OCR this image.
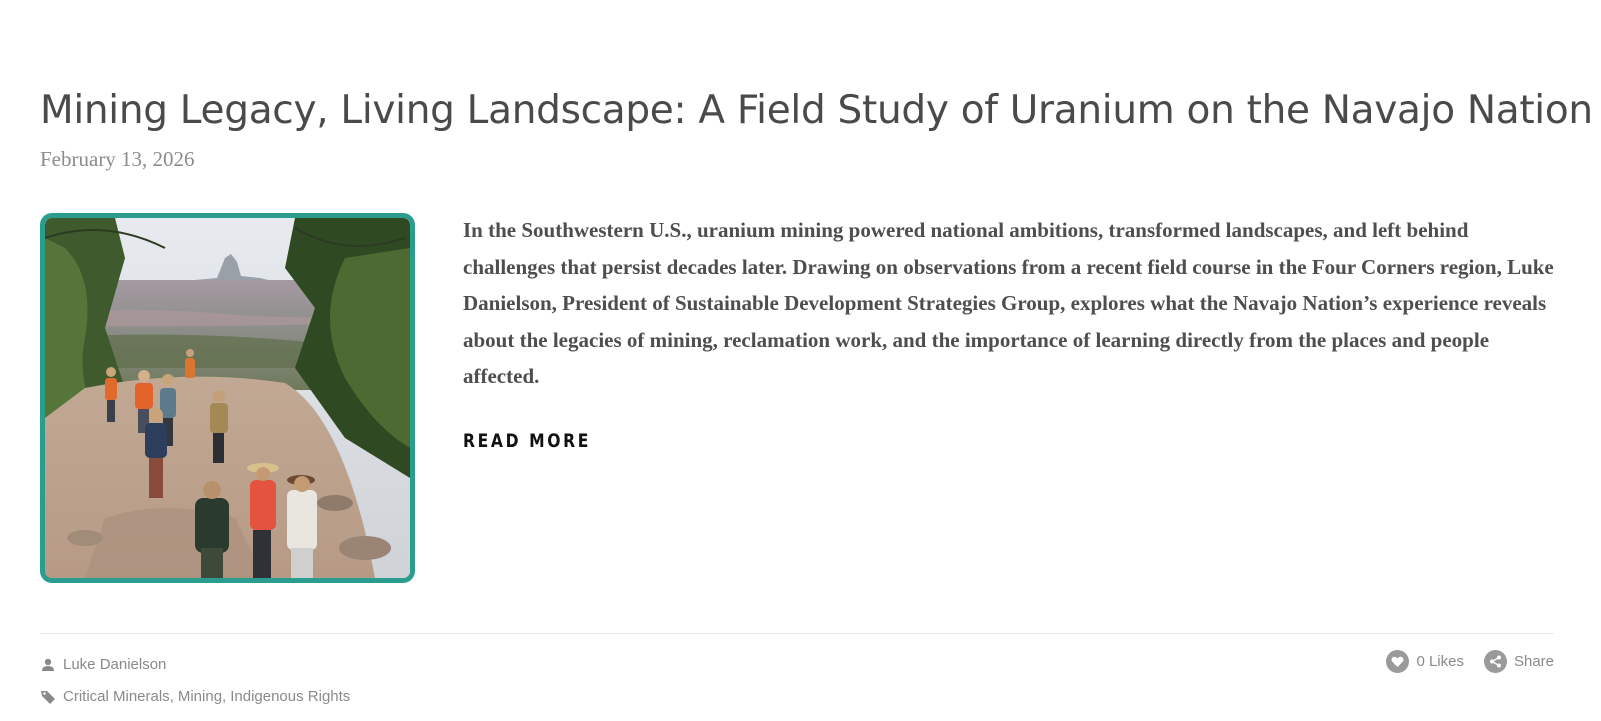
Mining Legacy, Living Landscape: A Field Study of Uranium on the Navajo Nation
February 13, 2026

In the Southwestern U.S., uranium mining powered national ambitions, transformed landscapes, and left behind challenges that persist decades later. Drawing on observations from a recent field course in the Four Corners region, Luke Danielson, President of Sustainable Development Strategies Group, explores what the Navajo Nation’s experience reveals about the legacies of mining, reclamation work, and the importance of learning directly from the places and people affected.

READ MORE
Luke Danielson
Critical Minerals , Mining , Indigenous Rights
0 Likes	Share
